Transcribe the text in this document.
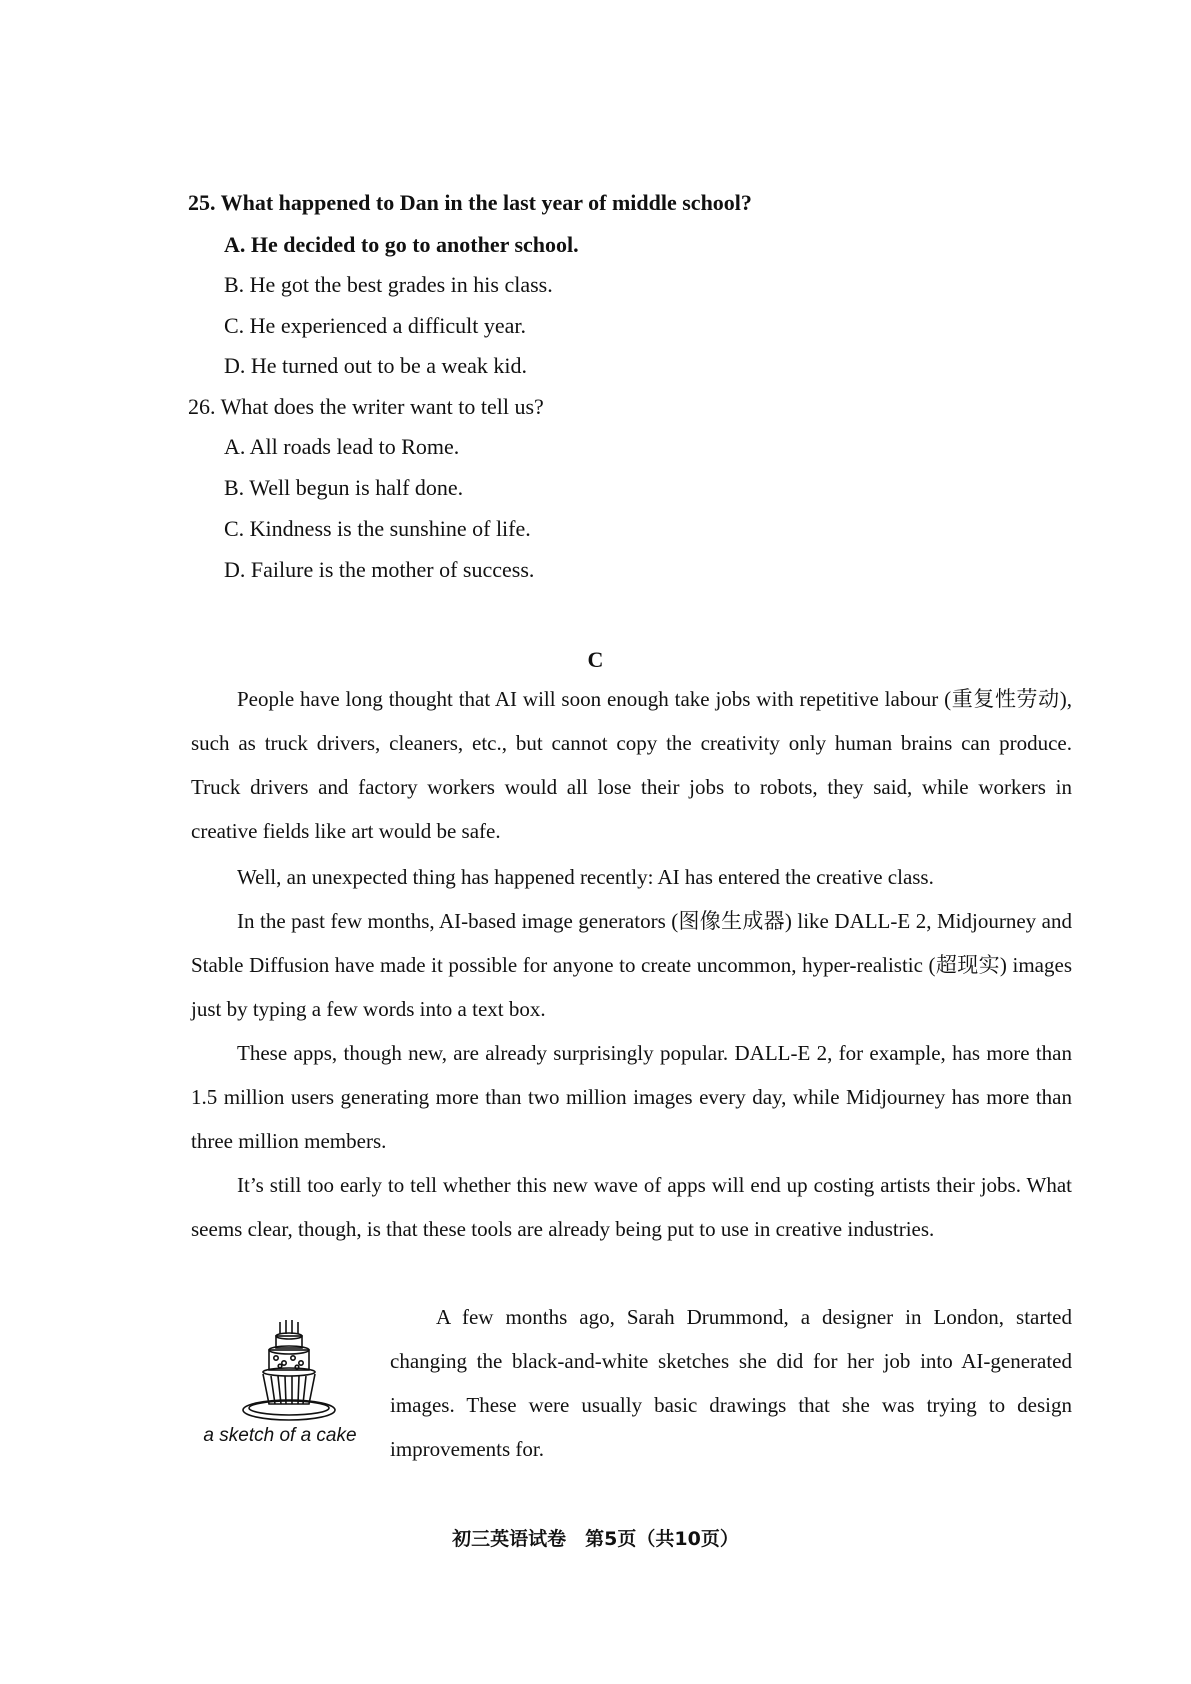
25. What happened to Dan in the last year of middle school?
A. He decided to go to another school.
B. He got the best grades in his class.
C. He experienced a difficult year.
D. He turned out to be a weak kid.
26. What does the writer want to tell us?
A. All roads lead to Rome.
B. Well begun is half done.
C. Kindness is the sunshine of life.
D. Failure is the mother of success.
C

People have long thought that AI will soon enough take jobs with repetitive labour (重复性劳动), such as truck drivers, cleaners, etc., but cannot copy the creativity only human brains can produce. Truck drivers and factory workers would all lose their jobs to robots, they said, while workers in creative fields like art would be safe.

Well, an unexpected thing has happened recently: AI has entered the creative class.

In the past few months, AI-based image generators (图像生成器) like DALL-E 2, Midjourney and Stable Diffusion have made it possible for anyone to create uncommon, hyper-realistic (超现实) images just by typing a few words into a text box.

These apps, though new, are already surprisingly popular. DALL-E 2, for example, has more than 1.5 million users generating more than two million images every day, while Midjourney has more than three million members.

It’s still too early to tell whether this new wave of apps will end up costing artists their jobs. What seems clear, though, is that these tools are already being put to use in creative industries.

A few months ago, Sarah Drummond, a designer in London, started changing the black-and-white sketches she did for her job into AI-generated images. These were usually basic drawings that she was trying to design improvements for.

a sketch of a cake
初三英语试卷　第5页（共10页）
